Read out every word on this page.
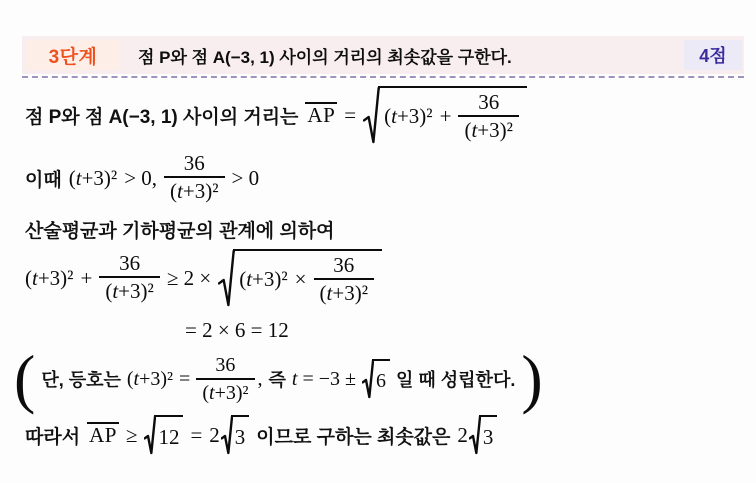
3단계 점 P와 점 A(−3, 1) 사이의 거리의 최솟값을 구한다.	4점
점 P와 점 A(−3, 1) 사이의 거리는 AP = $(t+3)^2 + \frac{36}{\text{(t+3)²}}$
이때 (t+3)² > 0, $\frac{36}{\text{(t+3)²}} > 0$
산술평균과 기하평균의 관계에 의하여
$(t+3)^2 + \frac{36}{\text{(t+3)²}} \ge 2 \times (t+3)^2 \times \frac{36}{\text{(t+3)²}}$
= 2 × 6 = 12
( 단, 등호는 $(t+3)^2 = \frac{36}{\text{(t+3)²}}$ , 즉 t = −3 ± 6 일 때 성립한다. )
따라서 AP ≥ 12 = 2 3 이므로 구하는 최솟값은 2 3
